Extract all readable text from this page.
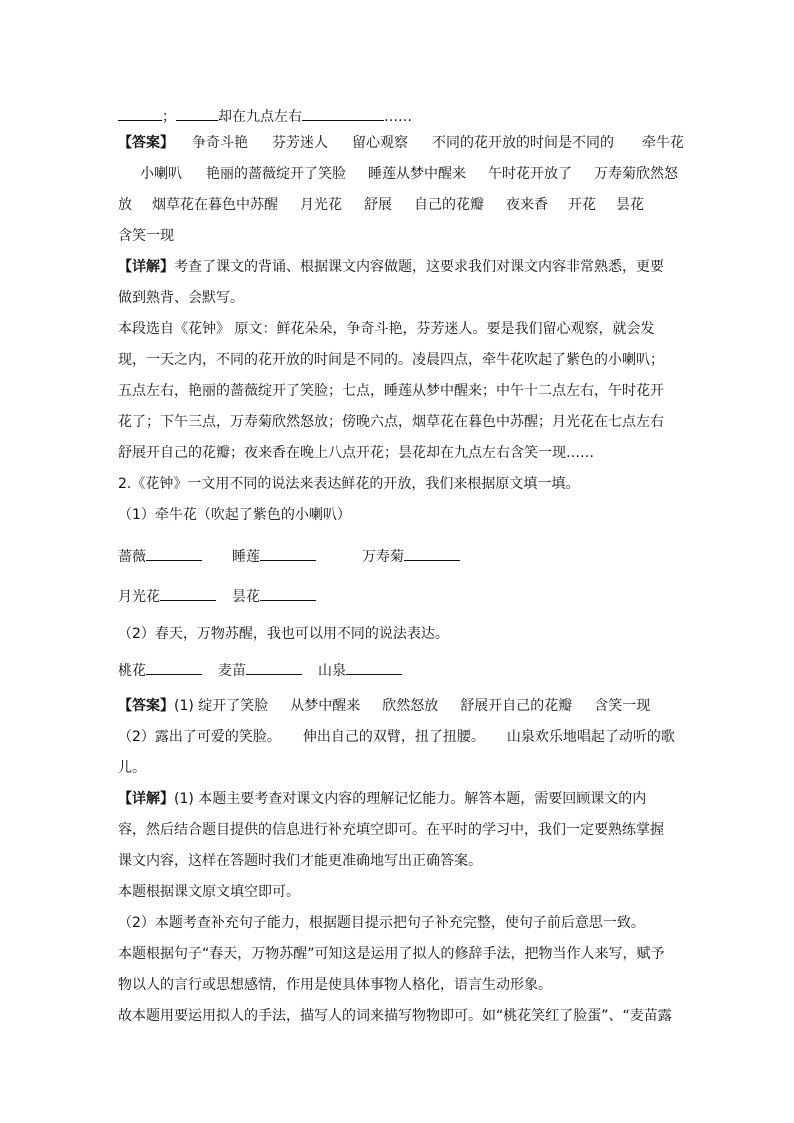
；	却在九点左右	……
【答案】 争奇斗艳 芬芳迷人 留心观察 不同的花开放的时间是不同的 牵牛花
小喇叭 艳丽的蔷薇绽开了笑脸 睡莲从梦中醒来 午时花开放了 万寿菊欣然怒
放 烟草花在暮色中苏醒 月光花 舒展 自己的花瓣 夜来香 开花 昙花
含笑一现
【详解】考查了课文的背诵、根据课文内容做题，这要求我们对课文内容非常熟悉，更要
做到熟背、会默写。
本段选自《花钟》 原文：鲜花朵朵，争奇斗艳，芬芳迷人。要是我们留心观察，就会发
现，一天之内，不同的花开放的时间是不同的。凌晨四点，牵牛花吹起了紫色的小喇叭；
五点左右，艳丽的蔷薇绽开了笑脸；七点，睡莲从梦中醒来；中午十二点左右，午时花开
花了；下午三点，万寿菊欣然怒放；傍晚六点，烟草花在暮色中苏醒；月光花在七点左右
舒展开自己的花瓣；夜来香在晚上八点开花；昙花却在九点左右含笑一现……
2.《花钟》一文用不同的说法来表达鲜花的开放，我们来根据原文填一填。
（1）牵牛花（吹起了紫色的小喇叭）
蔷薇	睡莲	万寿菊
月光花	昙花
（2）春天，万物苏醒，我也可以用不同的说法表达。
桃花	麦苗	山泉
【答案】(1) 绽开了笑脸 从梦中醒来 欣然怒放 舒展开自己的花瓣 含笑一现
（2）露出了可爱的笑脸。 伸出自己的双臂，扭了扭腰。 山泉欢乐地唱起了动听的歌
儿。
【详解】(1) 本题主要考查对课文内容的理解记忆能力。解答本题，需要回顾课文的内
容，然后结合题目提供的信息进行补充填空即可。在平时的学习中，我们一定要熟练掌握
课文内容，这样在答题时我们才能更准确地写出正确答案。
本题根据课文原文填空即可。
（2）本题考查补充句子能力，根据题目提示把句子补充完整，使句子前后意思一致。
本题根据句子“春天，万物苏醒”可知这是运用了拟人的修辞手法，把物当作人来写，赋予
物以人的言行或思想感情，作用是使具体事物人格化，语言生动形象。
故本题用要运用拟人的手法，描写人的词来描写物物即可。如“桃花笑红了脸蛋”、“麦苗露
